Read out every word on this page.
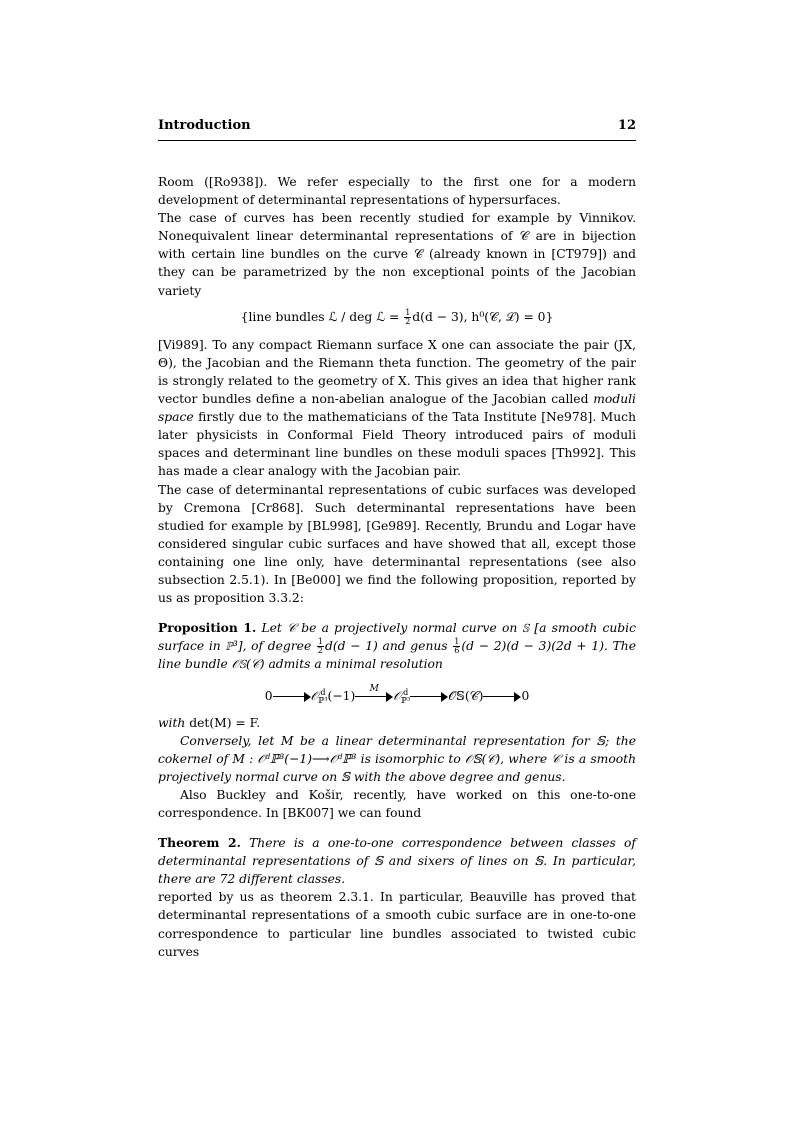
Introduction	12

Room ([Ro938]). We refer especially to the first one for a modern development of determinantal representations of hypersurfaces.

The case of curves has been recently studied for example by Vinnikov. Nonequivalent linear determinantal representations of 𝒞 are in bijection with certain line bundles on the curve 𝒞 (already known in [CT979]) and they can be parametrized by the non exceptional points of the Jacobian variety

{line bundles ℒ / deg ℒ = $\frac{1}{2} d(d - 3)$, h⁰(𝒞, ℒ) = 0}

[Vi989]. To any compact Riemann surface X one can associate the pair (JX, Θ), the Jacobian and the Riemann theta function. The geometry of the pair is strongly related to the geometry of X. This gives an idea that higher rank vector bundles define a non-abelian analogue of the Jacobian called moduli space firstly due to the mathematicians of the Tata Institute [Ne978]. Much later physicists in Conformal Field Theory introduced pairs of moduli spaces and determinant line bundles on these moduli spaces [Th992]. This has made a clear analogy with the Jacobian pair.

The case of determinantal representations of cubic surfaces was developed by Cremona [Cr868]. Such determinantal representations have been studied for example by [BL998], [Ge989]. Recently, Brundu and Logar have considered singular cubic surfaces and have showed that all, except those containing one line only, have determinantal representations (see also subsection 2.5.1). In [Be000] we find the following proposition, reported by us as proposition 3.3.2:

Proposition 1. Let 𝒞 be a projectively normal curve on 𝕊 [a smooth cubic surface in ℙ³], of degree $\frac{1}{2} d(d - 1)$ and genus $\frac{1}{6} (d - 2)(d - 3)(2d + 1)$. The line bundle 𝒪𝕊(𝒞) admits a minimal resolution

0	𝒪 d
ℙ³ (−1)
M
𝒪 d
ℙ³	𝒪𝕊(𝒞)	0

with det(M) = F.

Conversely, let M be a linear determinantal representation for 𝕊; the cokernel of M : 𝒪ᵈℙ³(−1)⟶𝒪ᵈℙ³ is isomorphic to 𝒪𝕊(𝒞), where 𝒞 is a smooth projectively normal curve on 𝕊 with the above degree and genus.

Also Buckley and Košir, recently, have worked on this one-to-one correspondence. In [BK007] we can found

Theorem 2. There is a one-to-one correspondence between classes of determinantal representations of 𝕊 and sixers of lines on 𝕊. In particular, there are 72 different classes.

reported by us as theorem 2.3.1. In particular, Beauville has proved that determinantal representations of a smooth cubic surface are in one-to-one correspondence to particular line bundles associated to twisted cubic curves
